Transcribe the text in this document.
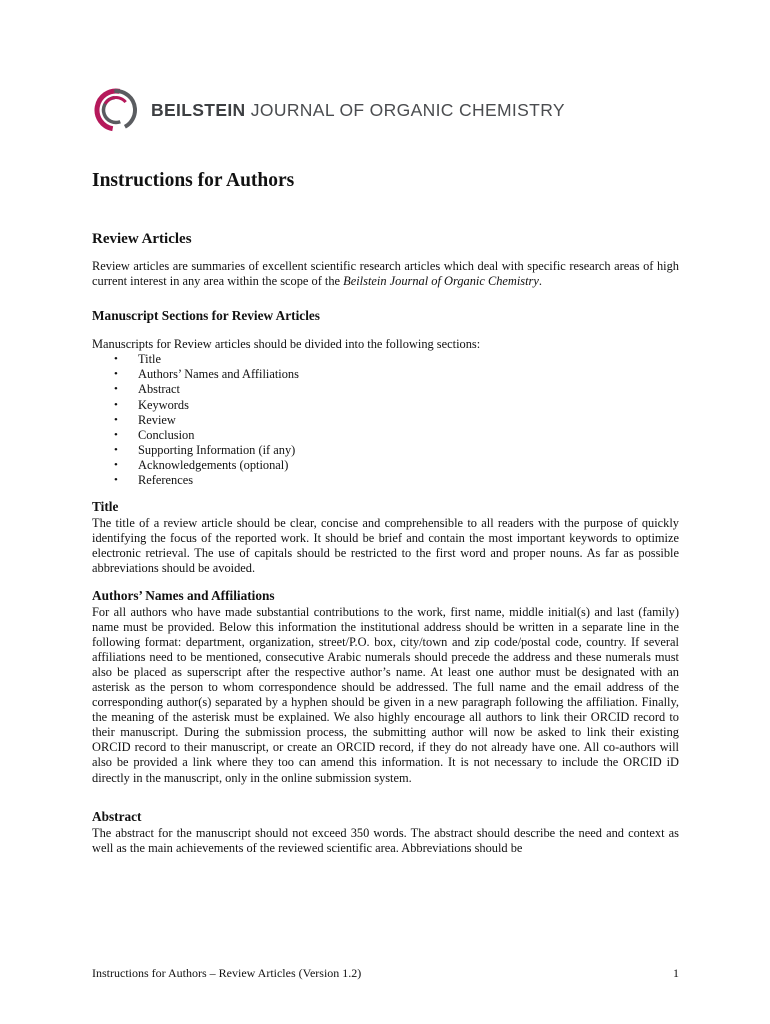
BEILSTEIN JOURNAL OF ORGANIC CHEMISTRY
Instructions for Authors
Review Articles

Review articles are summaries of excellent scientific research articles which deal with specific research areas of high current interest in any area within the scope of the Beilstein Journal of Organic Chemistry.

Manuscript Sections for Review Articles

Manuscripts for Review articles should be divided into the following sections:

• Title
• Authors’ Names and Affiliations
• Abstract
• Keywords
• Review
• Conclusion
• Supporting Information (if any)
• Acknowledgements (optional)
• References
Title

The title of a review article should be clear, concise and comprehensible to all readers with the purpose of quickly identifying the focus of the reported work. It should be brief and contain the most important keywords to optimize electronic retrieval. The use of capitals should be restricted to the first word and proper nouns. As far as possible abbreviations should be avoided.

Authors’ Names and Affiliations

For all authors who have made substantial contributions to the work, first name, middle initial(s) and last (family) name must be provided. Below this information the institutional address should be written in a separate line in the following format: department, organization, street/P.O. box, city/town and zip code/postal code, country. If several affiliations need to be mentioned, consecutive Arabic numerals should precede the address and these numerals must also be placed as superscript after the respective author’s name. At least one author must be designated with an asterisk as the person to whom correspondence should be addressed. The full name and the email address of the corresponding author(s) separated by a hyphen should be given in a new paragraph following the affiliation. Finally, the meaning of the asterisk must be explained. We also highly encourage all authors to link their ORCID record to their manuscript. During the submission process, the submitting author will now be asked to link their existing ORCID record to their manuscript, or create an ORCID record, if they do not already have one. All co-authors will also be provided a link where they too can amend this information. It is not necessary to include the ORCID iD directly in the manuscript, only in the online submission system.

Abstract

The abstract for the manuscript should not exceed 350 words. The abstract should describe the need and context as well as the main achievements of the reviewed scientific area. Abbreviations should be

Instructions for Authors – Review Articles (Version 1.2)	1
